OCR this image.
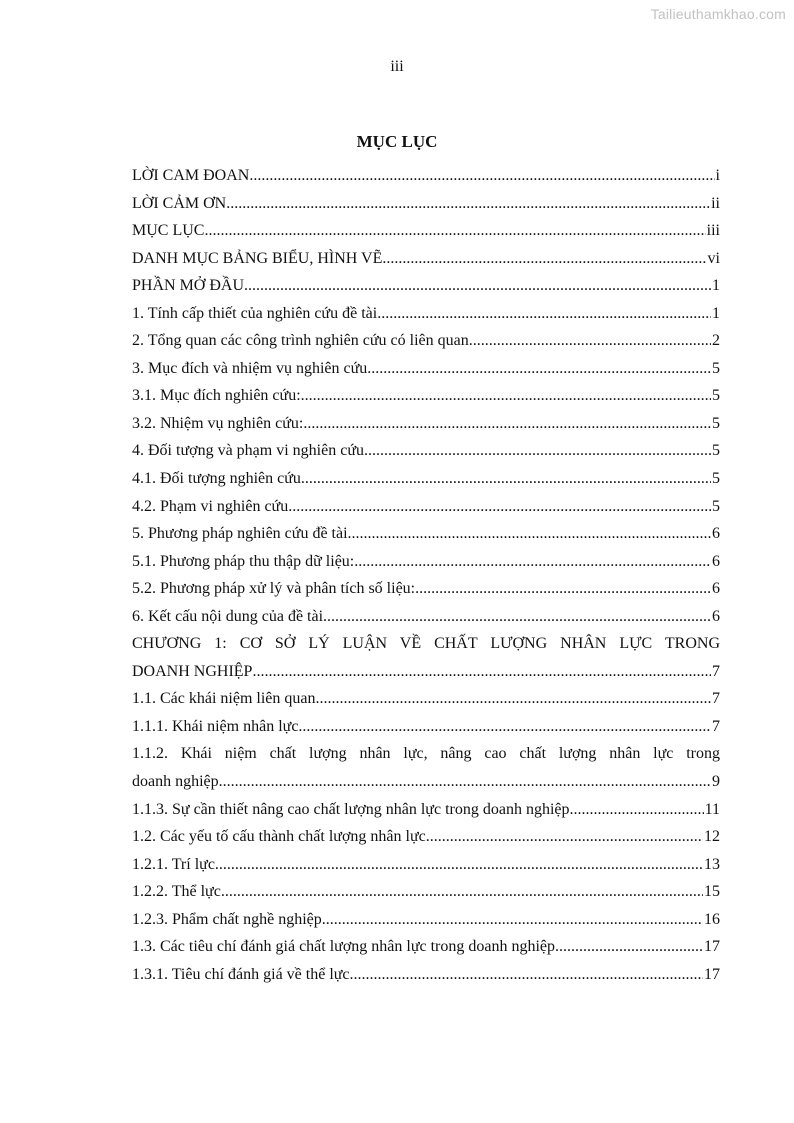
Tailieuthamkhao.com
iii
MỤC LỤC
LỜI CAM ĐOAN .....	i
LỜI CẢM ƠN .....	ii
MỤC LỤC .....	iii
DANH MỤC BẢNG BIỂU, HÌNH VẼ .....	vi
PHẦN MỞ ĐẦU .....	1
1. Tính cấp thiết của nghiên cứu đề tài .....	1
2. Tổng quan các công trình nghiên cứu có liên quan .....	2
3. Mục đích và nhiệm vụ nghiên cứu .....	5
3.1. Mục đích nghiên cứu: .....	5
3.2. Nhiệm vụ nghiên cứu: .....	5
4. Đối tượng và phạm vi nghiên cứu .....	5
4.1. Đối tượng nghiên cứu .....	5
4.2. Phạm vi nghiên cứu .....	5
5. Phương pháp nghiên cứu đề tài .....	6
5.1. Phương pháp thu thập dữ liệu: .....	6
5.2. Phương pháp xử lý và phân tích số liệu: .....	6
6. Kết cấu nội dung của đề tài .....	6
CHƯƠNG 1: CƠ SỞ LÝ LUẬN VỀ CHẤT LƯỢNG NHÂN LỰC TRONG
DOANH NGHIỆP .....	7
1.1. Các khái niệm liên quan .....	7
1.1.1. Khái niệm nhân lực .....	7
1.1.2. Khái niệm chất lượng nhân lực, nâng cao chất lượng nhân lực trong
doanh nghiệp .....	9
1.1.3. Sự cần thiết nâng cao chất lượng nhân lực trong doanh nghiệp .....	11
1.2. Các yếu tố cấu thành chất lượng nhân lực .....	12
1.2.1. Trí lực .....	13
1.2.2. Thể lực .....	15
1.2.3. Phẩm chất nghề nghiệp .....	16
1.3. Các tiêu chí đánh giá chất lượng nhân lực trong doanh nghiệp .....	17
1.3.1. Tiêu chí đánh giá về thể lực .....	17
